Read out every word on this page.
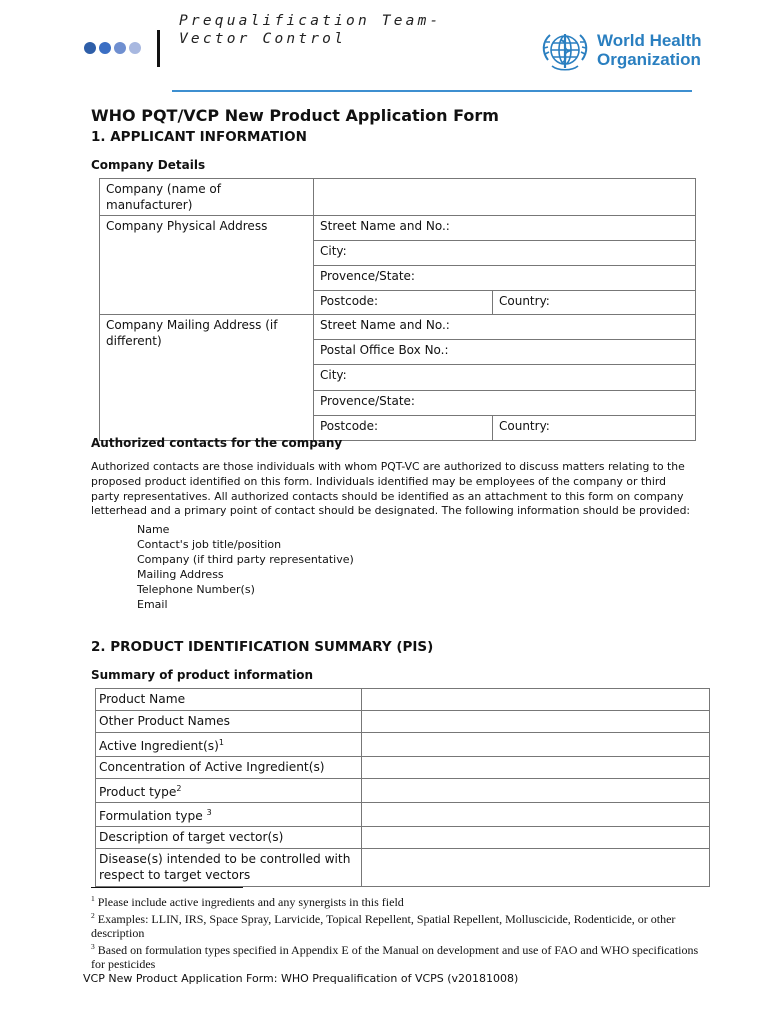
Prequalification Team-
Vector Control	World Health
Organization
WHO PQT/VCP New Product Application Form
1. APPLICANT INFORMATION
Company Details
Company (name of manufacturer)		
Company Physical Address	Street Name and No.:	
	City:	
	Provence/State:	
	Postcode:	Country:
Company Mailing Address (if different)	Street Name and No.:	
	Postal Office Box No.:	
	City:	
	Provence/State:	
	Postcode:	Country:
Authorized contacts for the company
Authorized contacts are those individuals with whom PQT-VC are authorized to discuss matters relating to the proposed product identified on this form. Individuals identified may be employees of the company or third party representatives. All authorized contacts should be identified as an attachment to this form on company letterhead and a primary point of contact should be designated. The following information should be provided:
Name
Contact's job title/position
Company (if third party representative)
Mailing Address
Telephone Number(s)
Email
2. PRODUCT IDENTIFICATION SUMMARY (PIS)
Summary of product information
Product Name	
Other Product Names	
Active $Ingredient(s)^1$	
Concentration of Active Ingredient(s)	
Product type$^2$	
Formulation type $^3$	
Description of target vector(s)	
Disease(s) intended to be controlled with respect to target vectors	
$^1$ Please include active ingredients and any synergists in this field
$^2$ Examples: LLIN, IRS, Space Spray, Larvicide, Topical Repellent, Spatial Repellent, Molluscicide, Rodenticide, or other description
$^3$ Based on formulation types specified in Appendix E of the Manual on development and use of FAO and WHO specifications for pesticides
VCP New Product Application Form: WHO Prequalification of VCPS (v20181008)
